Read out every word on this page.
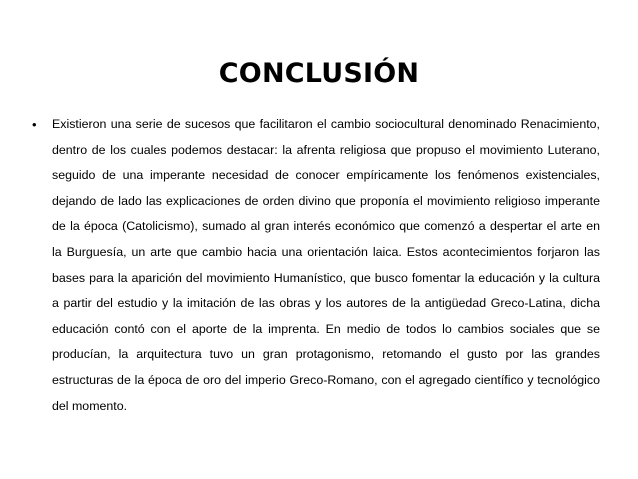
CONCLUSIÓN
•	Existieron una serie de sucesos que facilitaron el cambio sociocultural denominado Renacimiento, dentro de los cuales podemos destacar: la afrenta religiosa que propuso el movimiento Luterano, seguido de una imperante necesidad de conocer empíricamente los fenómenos existenciales, dejando de lado las explicaciones de orden divino que proponía el movimiento religioso imperante de la época (Catolicismo), sumado al gran interés económico que comenzó a despertar el arte en la Burguesía, un arte que cambio hacia una orientación laica. Estos acontecimientos forjaron las bases para la aparición del movimiento Humanístico, que busco fomentar la educación y la cultura a partir del estudio y la imitación de las obras y los autores de la antigüedad Greco-Latina, dicha educación contó con el aporte de la imprenta. En medio de todos lo cambios sociales que se producían, la arquitectura tuvo un gran protagonismo, retomando el gusto por las grandes estructuras de la época de oro del imperio Greco-Romano, con el agregado científico y tecnológico del momento.
